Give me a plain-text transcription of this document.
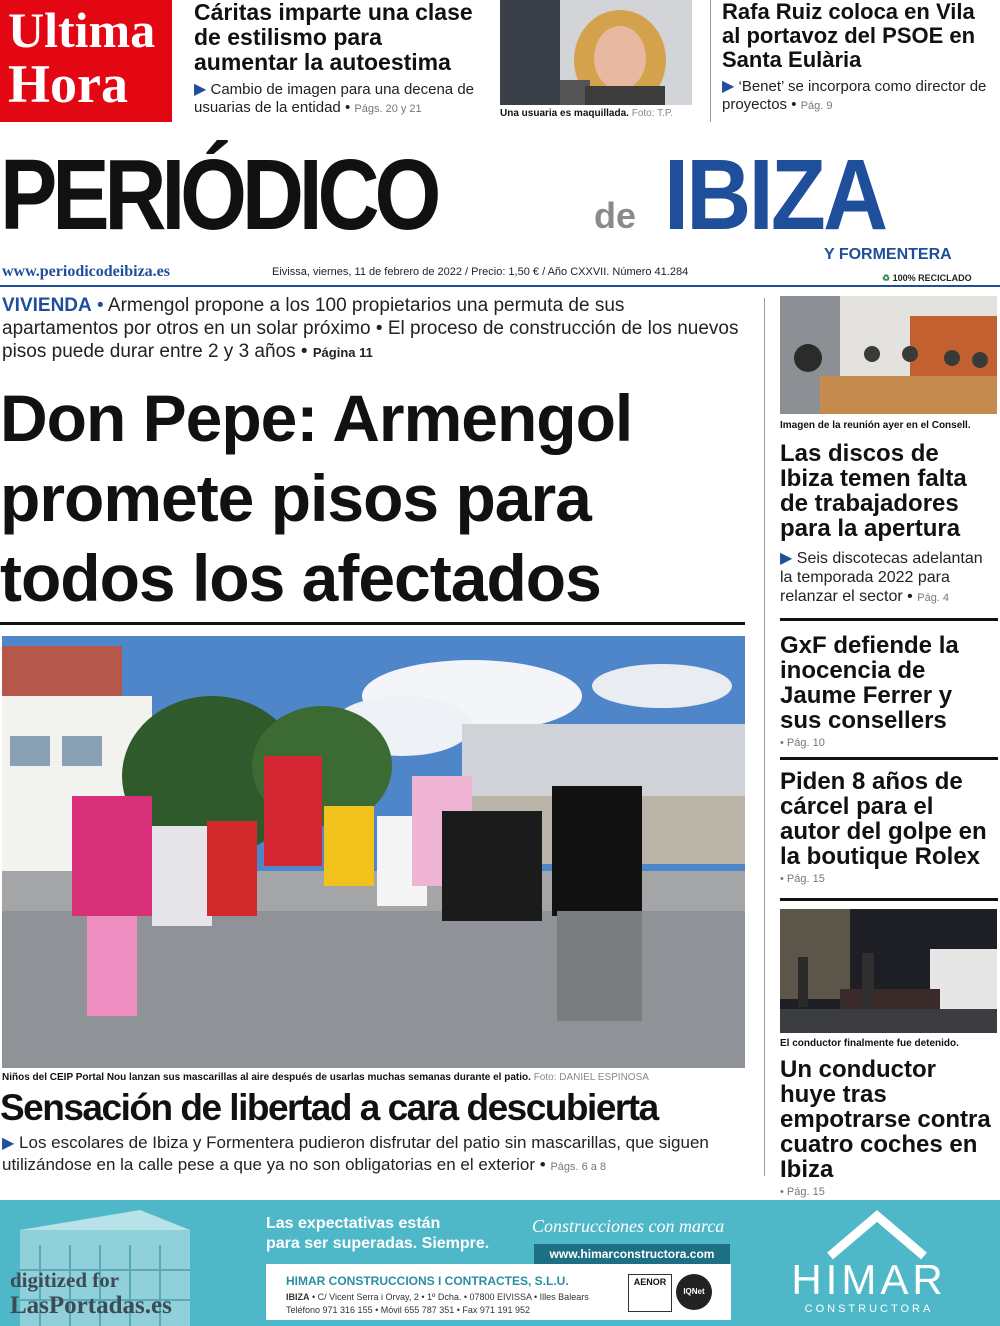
Ultima
Hora
Cáritas imparte una clase de estilismo para aumentar la autoestima
▶ Cambio de imagen para una decena de usuarias de la entidad • Págs. 20 y 21	Una usuaria es maquillada. Foto: T.P.
Rafa Ruiz coloca en Vila al portavoz del PSOE en Santa Eulària
▶ ‘Benet’ se incorpora como director de proyectos • Pág. 9
PERIÓDICO	de IBIZA
Y FORMENTERA
www.periodicodeibiza.es	Eivissa, viernes, 11 de febrero de 2022 / Precio: 1,50 € / Año CXXVII. Número 41.284	♻ 100% RECICLADO
VIVIENDA • Armengol propone a los 100 propietarios una permuta de sus apartamentos por otros en un solar próximo • El proceso de construcción de los nuevos pisos puede durar entre 2 y 3 años • Página 11
Don Pepe: Armengol promete pisos para todos los afectados
Niños del CEIP Portal Nou lanzan sus mascarillas al aire después de usarlas muchas semanas durante el patio. Foto: DANIEL ESPINOSA
Sensación de libertad a cara descubierta
▶ Los escolares de Ibiza y Formentera pudieron disfrutar del patio sin mascarillas, que siguen utilizándose en la calle pese a que ya no son obligatorias en el exterior • Págs. 6 a 8
Imagen de la reunión ayer en el Consell.
Las discos de Ibiza temen falta de trabajadores para la apertura
▶ Seis discotecas adelantan la temporada 2022 para relanzar el sector • Pág. 4
GxF defiende la inocencia de Jaume Ferrer y sus consellers
• Pág. 10
Piden 8 años de cárcel para el autor del golpe en la boutique Rolex
• Pág. 15
El conductor finalmente fue detenido.
Un conductor huye tras empotrarse contra cuatro coches en Ibiza
• Pág. 15
digitized for
LasPortadas.es
Las expectativas están
para ser superadas. Siempre.
Construcciones con marca
www.himarconstructora.com
HIMAR CONSTRUCCIONS I CONTRACTES, S.L.U.
IBIZA • C/ Vicent Serra i Orvay, 2 • 1º Dcha. • 07800 EIVISSA • Illes Balears
Teléfono 971 316 155 • Móvil 655 787 351 • Fax 971 191 952
AENOR
IQNet	HIMAR
CONSTRUCTORA
